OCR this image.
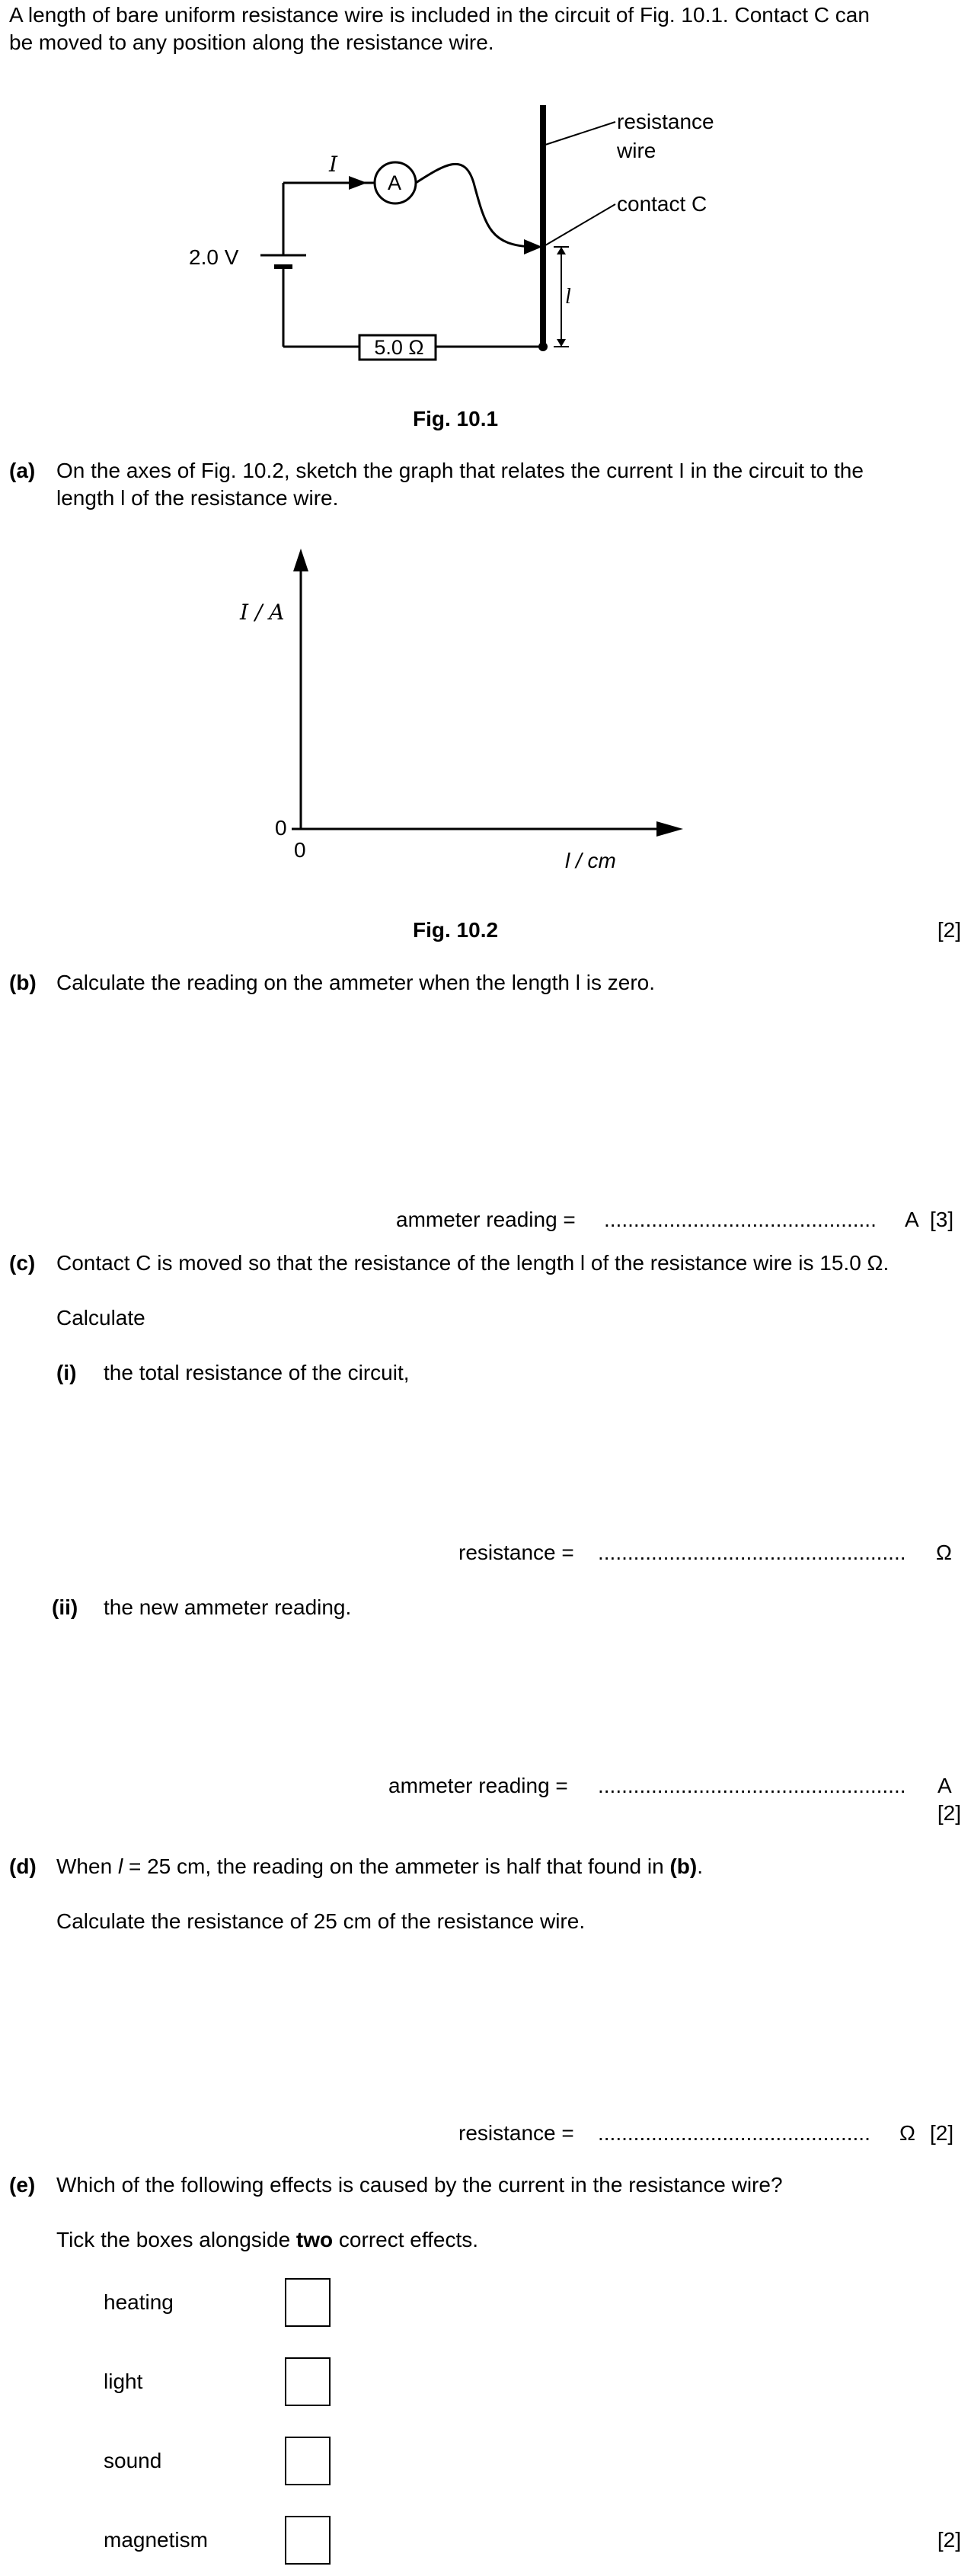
A length of bare uniform resistance wire is included in the circuit of Fig. 10.1. Contact C can
be moved to any position along the resistance wire.
I
A
resistance
wire
contact C
2.0 V
l
5.0 Ω
Fig. 10.1
(a) On the axes of Fig. 10.2, sketch the graph that relates the current I in the circuit to the
length l of the resistance wire.
I / A
l / cm
0
0
Fig. 10.2	[2]
(b) Calculate the reading on the ammeter when the length l is zero.
ammeter reading = .............................................. A [3]
(c) Contact C is moved so that the resistance of the length l of the resistance wire is 15.0 Ω.
Calculate
(i) the total resistance of the circuit,
resistance = .................................................... Ω
(ii) the new ammeter reading.
ammeter reading = .................................................... A
[2]
(d) When l = 25 cm, the reading on the ammeter is half that found in (b).
Calculate the resistance of 25 cm of the resistance wire.
resistance = .............................................. Ω [2]
(e) Which of the following effects is caused by the current in the resistance wire?
Tick the boxes alongside two correct effects.
heating
light
sound
magnetism	[2]
